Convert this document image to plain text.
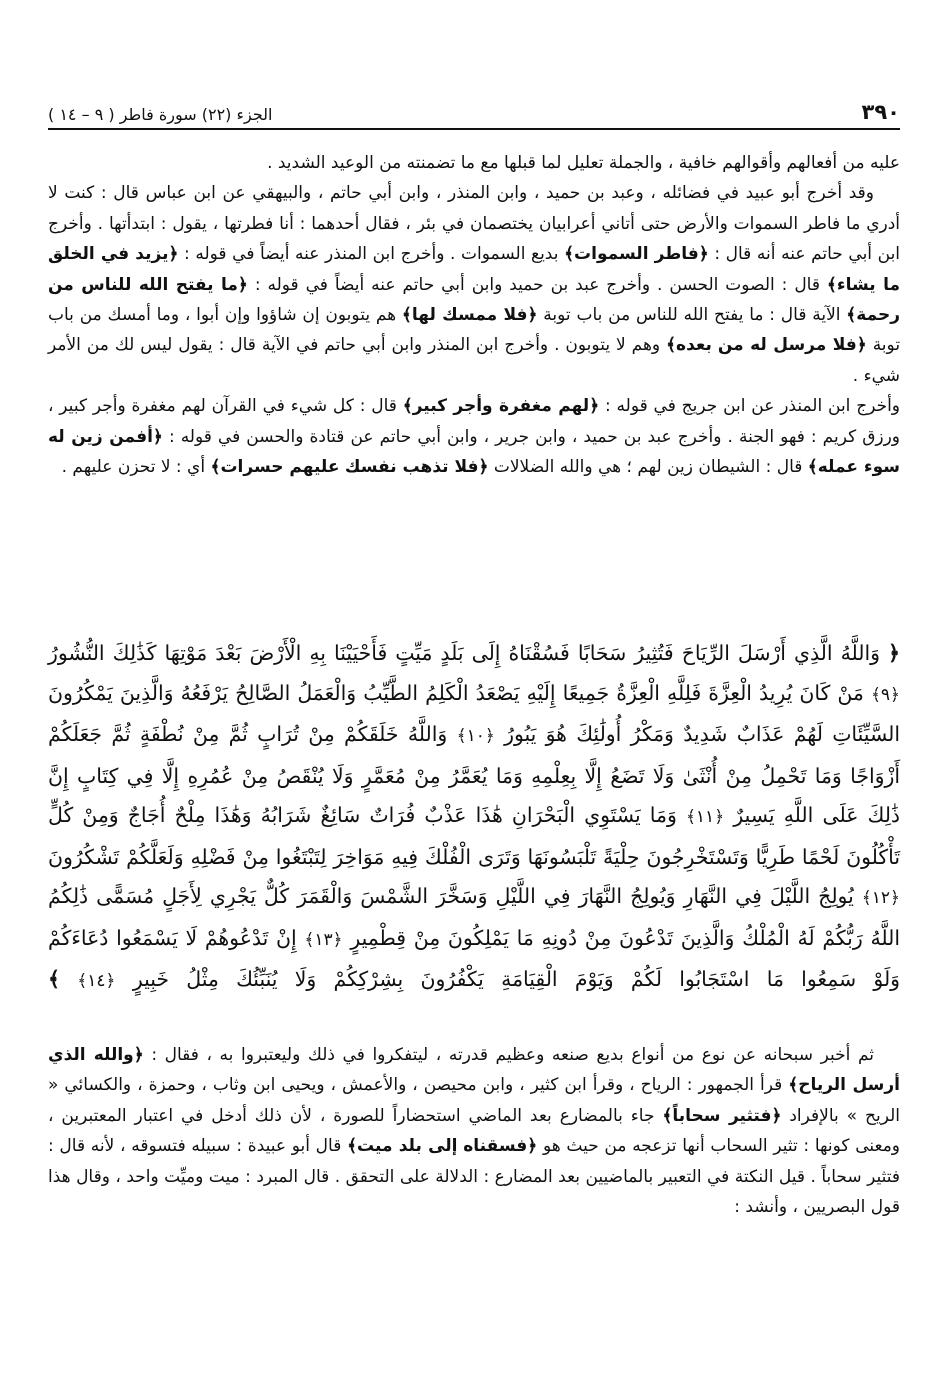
٣٩٠
الجزء (٢٢) سورة فاطر ( ٩ – ١٤ )

عليه من أفعالهم وأقوالهم خافية ، والجملة تعليل لما قبلها مع ما تضمنته من الوعيد الشديد .

وقد أخرج أبو عبيد في فضائله ، وعبد بن حميد ، وابن المنذر ، وابن أبي حاتم ، والبيهقي عن ابن عباس قال : كنت لا أدري ما فاطر السموات والأرض حتى أتاني أعرابيان يختصمان في بئر ، فقال أحدهما : أنا فطرتها ، يقول : ابتدأتها . وأخرج ابن أبي حاتم عنه أنه قال : ﴿فاطر السموات﴾ بديع السموات . وأخرج ابن المنذر عنه أيضاً في قوله : ﴿يزيد في الخلق ما يشاء﴾ قال : الصوت الحسن . وأخرج عبد بن حميد وابن أبي حاتم عنه أيضاً في قوله : ﴿ما يفتح الله للناس من رحمة﴾ الآية قال : ما يفتح الله للناس من باب توبة ﴿فلا ممسك لها﴾ هم يتوبون إن شاؤوا وإن أبوا ، وما أمسك من باب توبة ﴿فلا مرسل له من بعده﴾ وهم لا يتوبون . وأخرج ابن المنذر وابن أبي حاتم في الآية قال : يقول ليس لك من الأمر شيء .

وأخرج ابن المنذر عن ابن جريج في قوله : ﴿لهم مغفرة وأجر كبير﴾ قال : كل شيء في القرآن لهم مغفرة وأجر كبير ، ورزق كريم : فهو الجنة . وأخرج عبد بن حميد ، وابن جرير ، وابن أبي حاتم عن قتادة والحسن في قوله : ﴿أفمن زين له سوء عمله﴾ قال : الشيطان زين لهم ؛ هي والله الضلالات ﴿فلا تذهب نفسك عليهم حسرات﴾ أي : لا تحزن عليهم .

﴿ وَاللَّهُ الَّذِي أَرْسَلَ الرِّيَاحَ فَتُثِيرُ سَحَابًا فَسُقْنَاهُ إِلَى بَلَدٍ مَيِّتٍ فَأَحْيَيْنَا بِهِ الْأَرْضَ بَعْدَ مَوْتِهَا كَذَٰلِكَ النُّشُورُ ﴿٩﴾ مَنْ كَانَ يُرِيدُ الْعِزَّةَ فَلِلَّهِ الْعِزَّةُ جَمِيعًا إِلَيْهِ يَصْعَدُ الْكَلِمُ الطَّيِّبُ وَالْعَمَلُ الصَّالِحُ يَرْفَعُهُ وَالَّذِينَ يَمْكُرُونَ السَّيِّئَاتِ لَهُمْ عَذَابٌ شَدِيدٌ وَمَكْرُ أُولَٰئِكَ هُوَ يَبُورُ ﴿١٠﴾ وَاللَّهُ خَلَقَكُمْ مِنْ تُرَابٍ ثُمَّ مِنْ نُطْفَةٍ ثُمَّ جَعَلَكُمْ أَزْوَاجًا وَمَا تَحْمِلُ مِنْ أُنْثَىٰ وَلَا تَضَعُ إِلَّا بِعِلْمِهِ وَمَا يُعَمَّرُ مِنْ مُعَمَّرٍ وَلَا يُنْقَصُ مِنْ عُمُرِهِ إِلَّا فِي كِتَابٍ إِنَّ ذَٰلِكَ عَلَى اللَّهِ يَسِيرٌ ﴿١١﴾ وَمَا يَسْتَوِي الْبَحْرَانِ هَٰذَا عَذْبٌ فُرَاتٌ سَائِغٌ شَرَابُهُ وَهَٰذَا مِلْحٌ أُجَاجٌ وَمِنْ كُلٍّ تَأْكُلُونَ لَحْمًا طَرِيًّا وَتَسْتَخْرِجُونَ حِلْيَةً تَلْبَسُونَهَا وَتَرَى الْفُلْكَ فِيهِ مَوَاخِرَ لِتَبْتَغُوا مِنْ فَضْلِهِ وَلَعَلَّكُمْ تَشْكُرُونَ ﴿١٢﴾ يُولِجُ اللَّيْلَ فِي النَّهَارِ وَيُولِجُ النَّهَارَ فِي اللَّيْلِ وَسَخَّرَ الشَّمْسَ وَالْقَمَرَ كُلٌّ يَجْرِي لِأَجَلٍ مُسَمًّى ذَٰلِكُمُ اللَّهُ رَبُّكُمْ لَهُ الْمُلْكُ وَالَّذِينَ تَدْعُونَ مِنْ دُونِهِ مَا يَمْلِكُونَ مِنْ قِطْمِيرٍ ﴿١٣﴾ إِنْ تَدْعُوهُمْ لَا يَسْمَعُوا دُعَاءَكُمْ وَلَوْ سَمِعُوا مَا اسْتَجَابُوا لَكُمْ وَيَوْمَ الْقِيَامَةِ يَكْفُرُونَ بِشِرْكِكُمْ وَلَا يُنَبِّئُكَ مِثْلُ خَبِيرٍ ﴿١٤﴾ ﴾

ثم أخبر سبحانه عن نوع من أنواع بديع صنعه وعظيم قدرته ، ليتفكروا في ذلك وليعتبروا به ، فقال : ﴿والله الذي أرسل الرياح﴾ قرأ الجمهور : الرياح ، وقرأ ابن كثير ، وابن محيصن ، والأعمش ، ويحيى ابن وثاب ، وحمزة ، والكسائي « الريح » بالإفراد ﴿فتثير سحاباً﴾ جاء بالمضارع بعد الماضي استحضاراً للصورة ، لأن ذلك أدخل في اعتبار المعتبرين ، ومعنى كونها : تثير السحاب أنها تزعجه من حيث هو ﴿فسقناه إلى بلد ميت﴾ قال أبو عبيدة : سبيله فتسوقه ، لأنه قال : فتثير سحاباً . قيل النكتة في التعبير بالماضيين بعد المضارع : الدلالة على التحقق . قال المبرد : ميت وميِّت واحد ، وقال هذا قول البصريين ، وأنشد :
